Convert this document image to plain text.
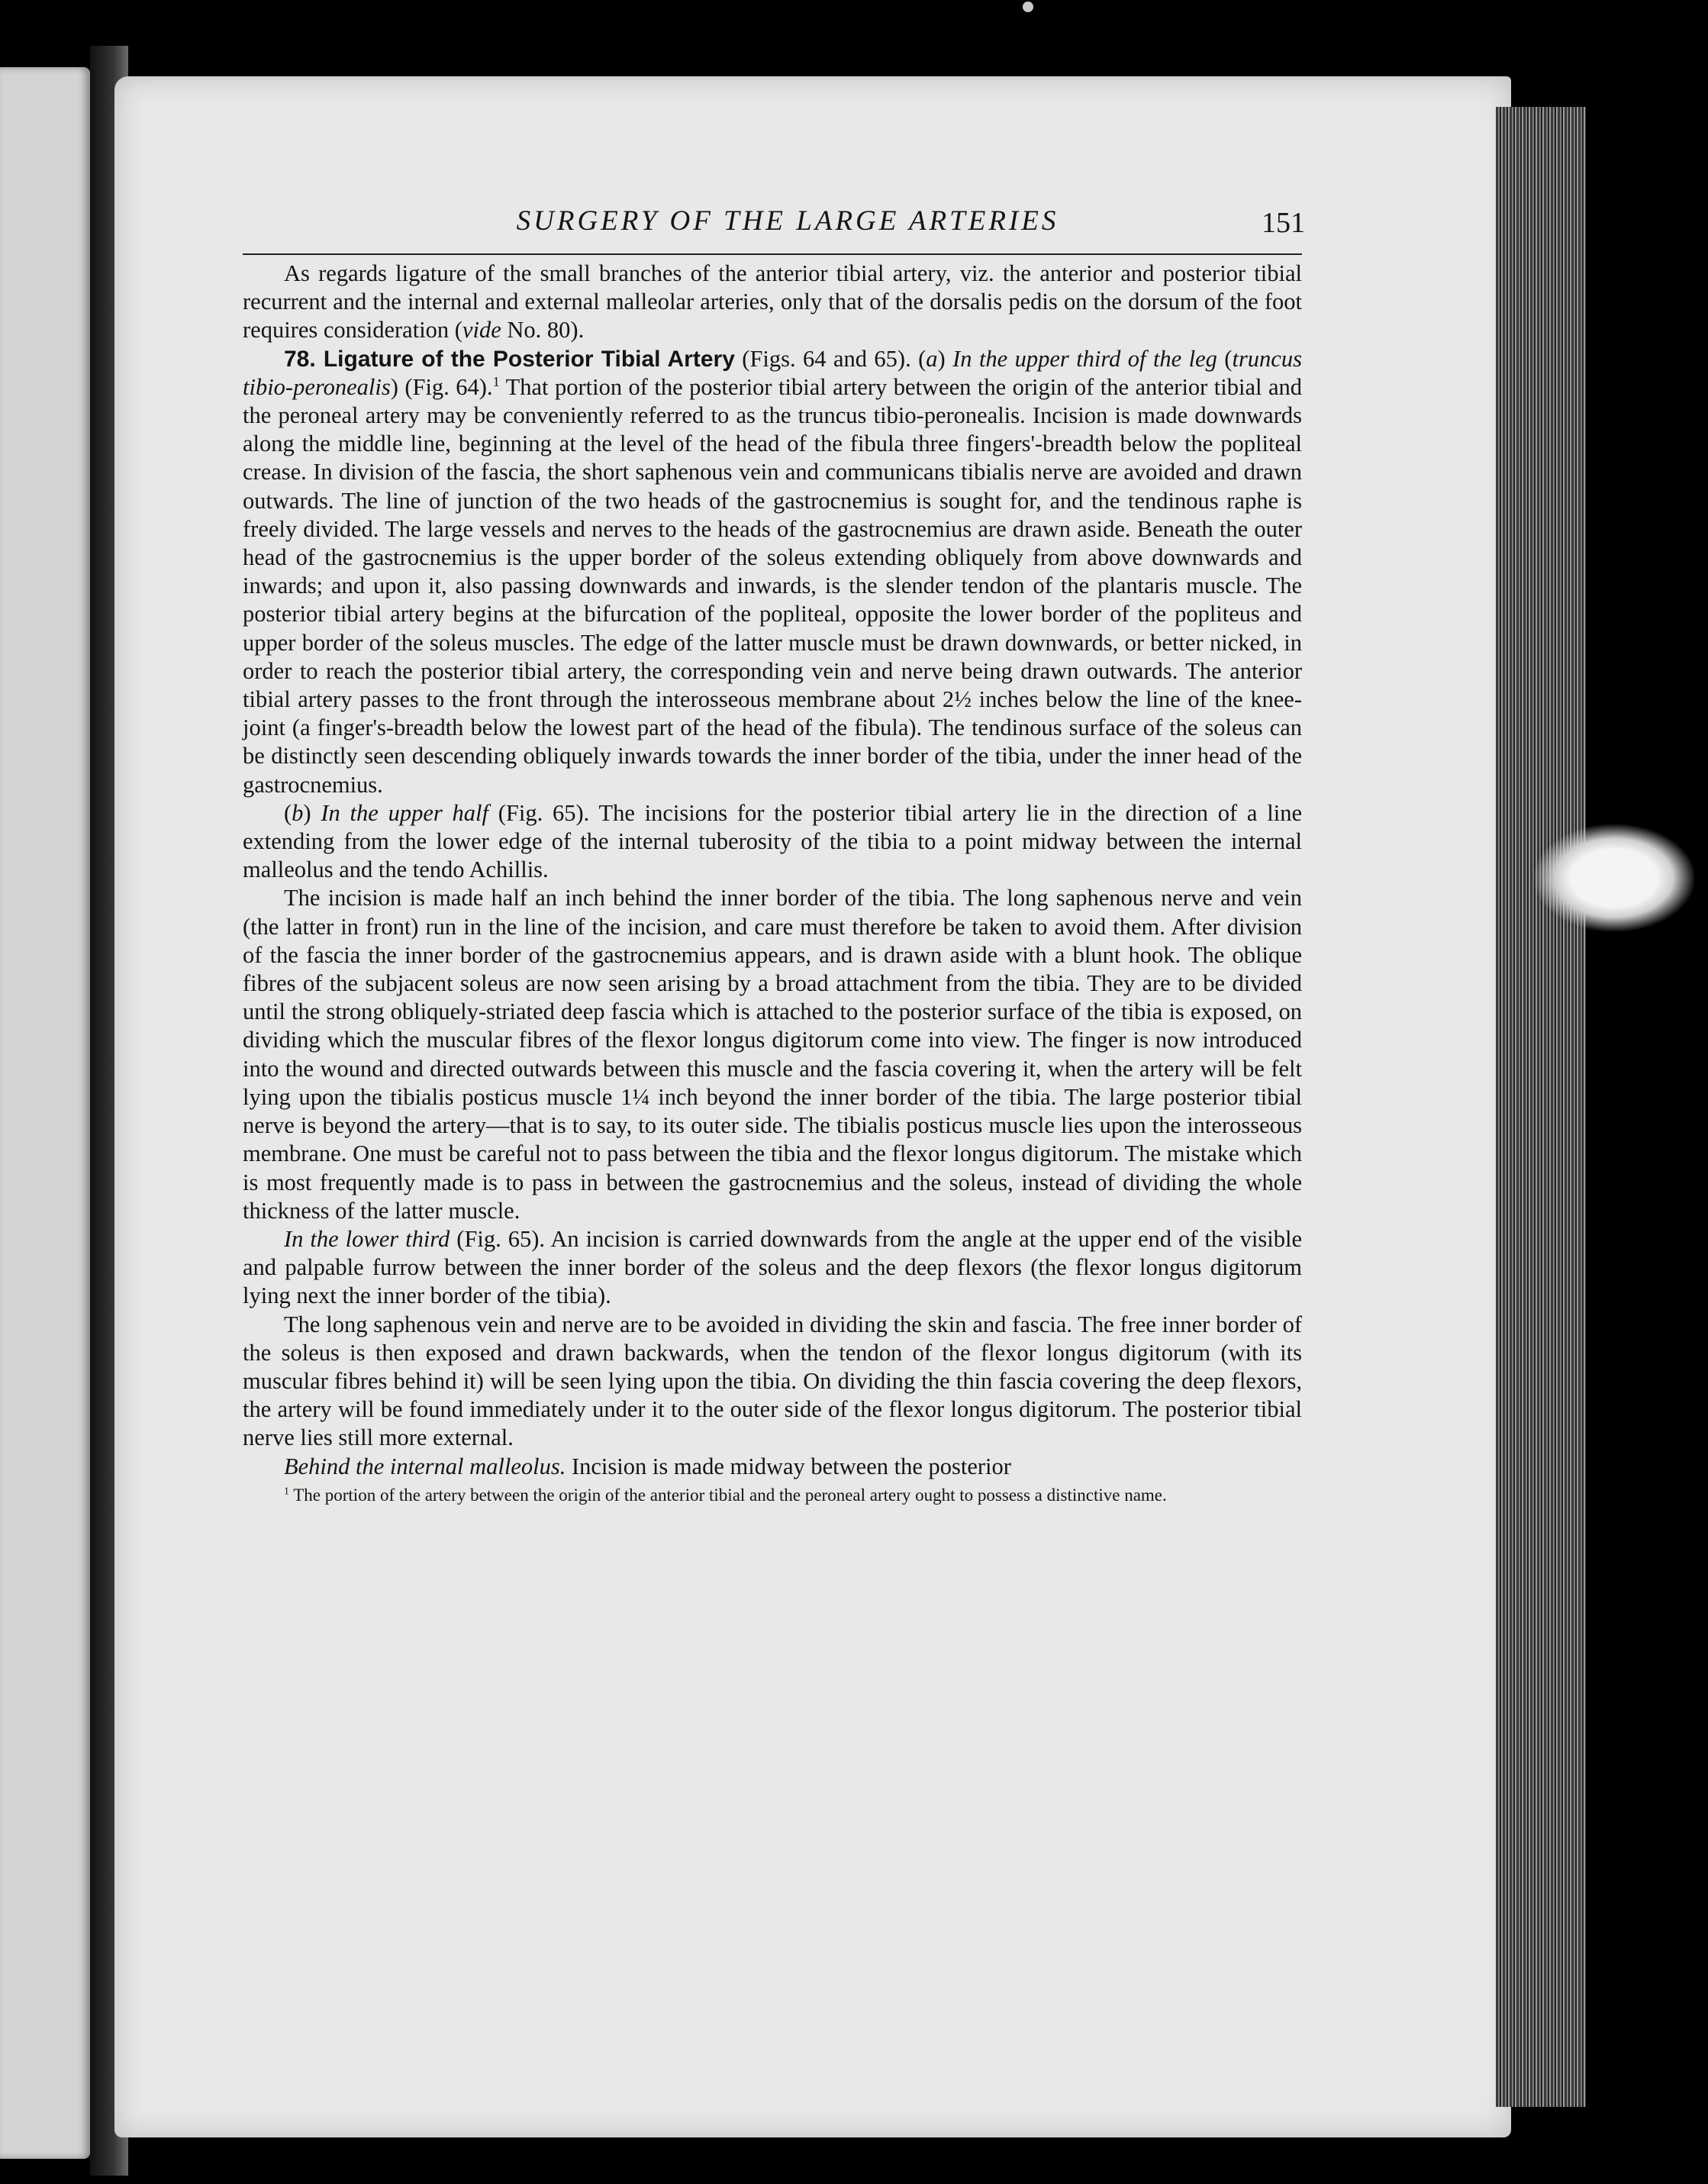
SURGERY OF THE LARGE ARTERIES	151

As regards ligature of the small branches of the anterior tibial artery, viz. the anterior and posterior tibial recurrent and the internal and external malleolar arteries, only that of the dorsalis pedis on the dorsum of the foot requires consideration (vide No. 80).

78. Ligature of the Posterior Tibial Artery (Figs. 64 and 65). (a) In the upper third of the leg (truncus tibio-peronealis) (Fig. 64).$^1$ That portion of the posterior tibial artery between the origin of the anterior tibial and the peroneal artery may be conveniently referred to as the truncus tibio-peronealis. Incision is made downwards along the middle line, beginning at the level of the head of the fibula three fingers'-breadth below the popliteal crease. In division of the fascia, the short saphenous vein and communicans tibialis nerve are avoided and drawn outwards. The line of junction of the two heads of the gastrocnemius is sought for, and the tendinous raphe is freely divided. The large vessels and nerves to the heads of the gastrocnemius are drawn aside. Beneath the outer head of the gastrocnemius is the upper border of the soleus extending obliquely from above downwards and inwards; and upon it, also passing downwards and inwards, is the slender tendon of the plantaris muscle. The posterior tibial artery begins at the bifurcation of the popliteal, opposite the lower border of the popliteus and upper border of the soleus muscles. The edge of the latter muscle must be drawn downwards, or better nicked, in order to reach the posterior tibial artery, the corresponding vein and nerve being drawn outwards. The anterior tibial artery passes to the front through the interosseous membrane about 2½ inches below the line of the knee-joint (a finger's-breadth below the lowest part of the head of the fibula). The tendinous surface of the soleus can be distinctly seen descending obliquely inwards towards the inner border of the tibia, under the inner head of the gastrocnemius.

(b) In the upper half (Fig. 65). The incisions for the posterior tibial artery lie in the direction of a line extending from the lower edge of the internal tuberosity of the tibia to a point midway between the internal malleolus and the tendo Achillis.

The incision is made half an inch behind the inner border of the tibia. The long saphenous nerve and vein (the latter in front) run in the line of the incision, and care must therefore be taken to avoid them. After division of the fascia the inner border of the gastrocnemius appears, and is drawn aside with a blunt hook. The oblique fibres of the subjacent soleus are now seen arising by a broad attachment from the tibia. They are to be divided until the strong obliquely-striated deep fascia which is attached to the posterior surface of the tibia is exposed, on dividing which the muscular fibres of the flexor longus digitorum come into view. The finger is now introduced into the wound and directed outwards between this muscle and the fascia covering it, when the artery will be felt lying upon the tibialis posticus muscle 1¼ inch beyond the inner border of the tibia. The large posterior tibial nerve is beyond the artery—that is to say, to its outer side. The tibialis posticus muscle lies upon the interosseous membrane. One must be careful not to pass between the tibia and the flexor longus digitorum. The mistake which is most frequently made is to pass in between the gastrocnemius and the soleus, instead of dividing the whole thickness of the latter muscle.

In the lower third (Fig. 65). An incision is carried downwards from the angle at the upper end of the visible and palpable furrow between the inner border of the soleus and the deep flexors (the flexor longus digitorum lying next the inner border of the tibia).

The long saphenous vein and nerve are to be avoided in dividing the skin and fascia. The free inner border of the soleus is then exposed and drawn backwards, when the tendon of the flexor longus digitorum (with its muscular fibres behind it) will be seen lying upon the tibia. On dividing the thin fascia covering the deep flexors, the artery will be found immediately under it to the outer side of the flexor longus digitorum. The posterior tibial nerve lies still more external.

Behind the internal malleolus. Incision is made midway between the posterior

$^1$ The portion of the artery between the origin of the anterior tibial and the peroneal artery ought to possess a distinctive name.
